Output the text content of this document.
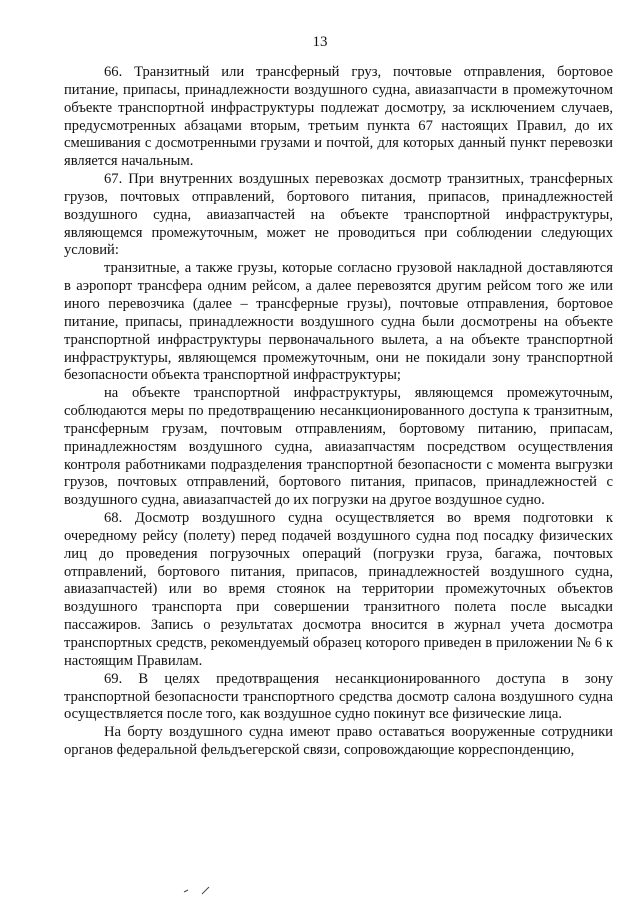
13

66. Транзитный или трансферный груз, почтовые отправления, бортовое питание, припасы, принадлежности воздушного судна, авиазапчасти в промежуточном объекте транспортной инфраструктуры подлежат досмотру, за исключением случаев, предусмотренных абзацами вторым, третьим пункта 67 настоящих Правил, до их смешивания с досмотренными грузами и почтой, для которых данный пункт перевозки является начальным.

67. При внутренних воздушных перевозках досмотр транзитных, трансферных грузов, почтовых отправлений, бортового питания, припасов, принадлежностей воздушного судна, авиазапчастей на объекте транспортной инфраструктуры, являющемся промежуточным, может не проводиться при соблюдении следующих условий:

транзитные, а также грузы, которые согласно грузовой накладной доставляются в аэропорт трансфера одним рейсом, а далее перевозятся другим рейсом того же или иного перевозчика (далее – трансферные грузы), почтовые отправления, бортовое питание, припасы, принадлежности воздушного судна были досмотрены на объекте транспортной инфраструктуры первоначального вылета, а на объекте транспортной инфраструктуры, являющемся промежуточным, они не покидали зону транспортной безопасности объекта транспортной инфраструктуры;

на объекте транспортной инфраструктуры, являющемся промежуточным, соблюдаются меры по предотвращению несанкционированного доступа к транзитным, трансферным грузам, почтовым отправлениям, бортовому питанию, припасам, принадлежностям воздушного судна, авиазапчастям посредством осуществления контроля работниками подразделения транспортной безопасности с момента выгрузки грузов, почтовых отправлений, бортового питания, припасов, принадлежностей с воздушного судна, авиазапчастей до их погрузки на другое воздушное судно.

68. Досмотр воздушного судна осуществляется во время подготовки к очередному рейсу (полету) перед подачей воздушного судна под посадку физических лиц до проведения погрузочных операций (погрузки груза, багажа, почтовых отправлений, бортового питания, припасов, принадлежностей воздушного судна, авиазапчастей) или во время стоянок на территории промежуточных объектов воздушного транспорта при совершении транзитного полета после высадки пассажиров. Запись о результатах досмотра вносится в журнал учета досмотра транспортных средств, рекомендуемый образец которого приведен в приложении № 6 к настоящим Правилам.

69. В целях предотвращения несанкционированного доступа в зону транспортной безопасности транспортного средства досмотр салона воздушного судна осуществляется после того, как воздушное судно покинут все физические лица.

На борту воздушного судна имеют право оставаться вооруженные сотрудники органов федеральной фельдъегерской связи, сопровождающие корреспонденцию,
